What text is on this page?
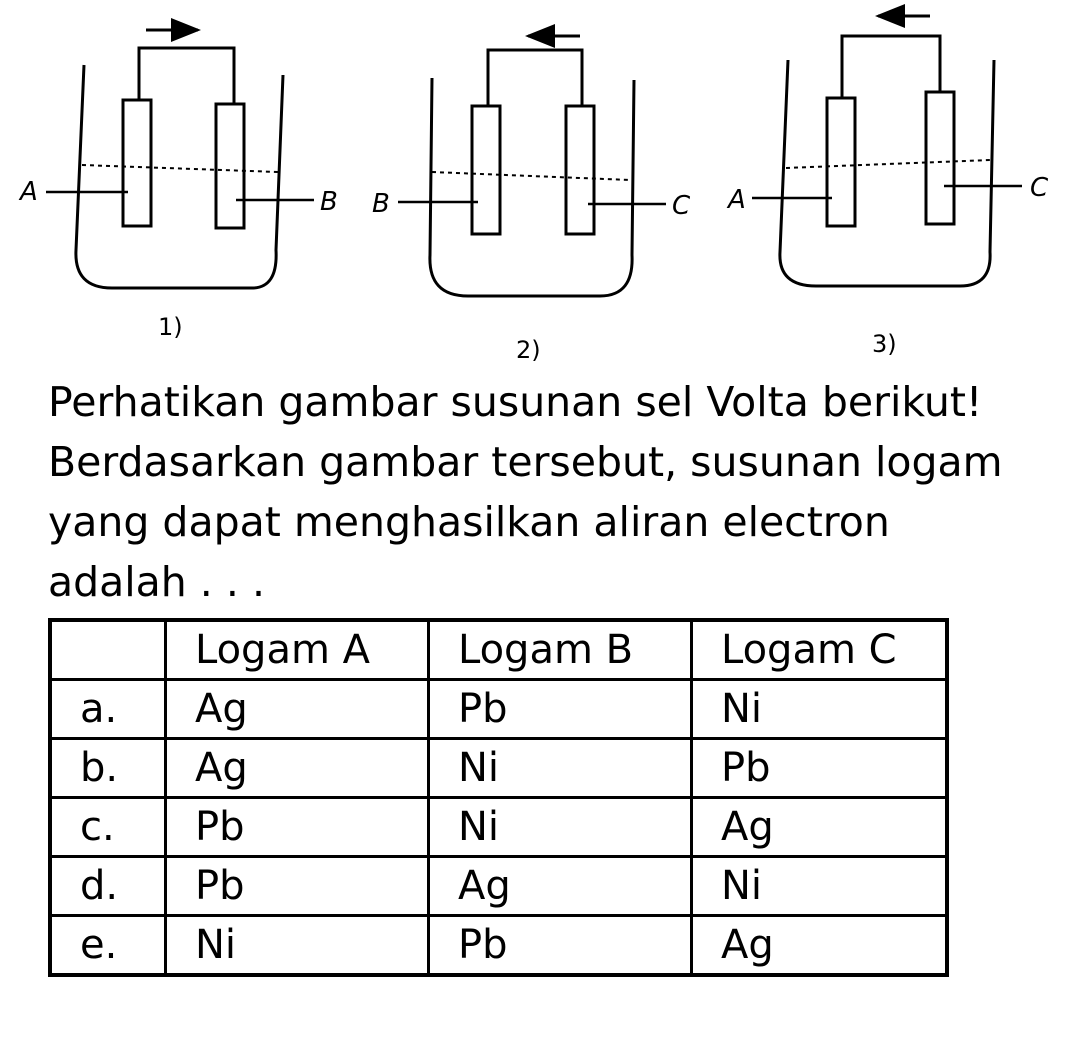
A	B
1)
B	C
2)
A	C
3)

Perhatikan gambar susunan sel Volta berikut!

Berdasarkan gambar tersebut, susunan logam

yang dapat menghasilkan aliran electron

adalah . . .

	Logam A	Logam B	Logam C
a.	Ag	Pb	Ni
b.	Ag	Ni	Pb
c.	Pb	Ni	Ag
d.	Pb	Ag	Ni
e.	Ni	Pb	Ag
